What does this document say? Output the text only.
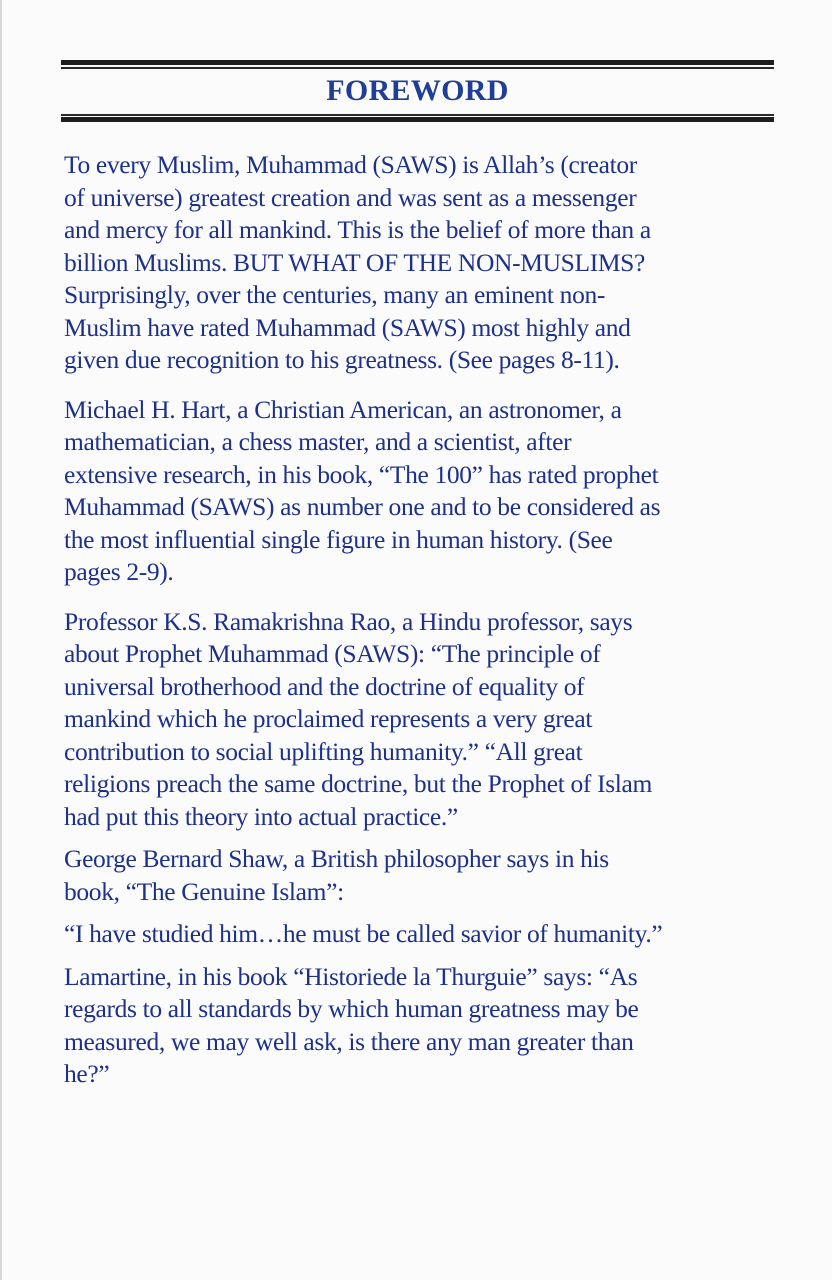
FOREWORD

To every Muslim, Muhammad (SAWS) is Allah’s (creator
of universe) greatest creation and was sent as a messenger
and mercy for all mankind. This is the belief of more than a
billion Muslims. BUT WHAT OF THE NON-MUSLIMS?
Surprisingly, over the centuries, many an eminent non-
Muslim have rated Muhammad (SAWS) most highly and
given due recognition to his greatness. (See pages 8-11).

Michael H. Hart, a Christian American, an astronomer, a
mathematician, a chess master, and a scientist, after
extensive research, in his book, “The 100” has rated prophet
Muhammad (SAWS) as number one and to be considered as
the most influential single figure in human history. (See
pages 2-9).

Professor K.S. Ramakrishna Rao, a Hindu professor, says
about Prophet Muhammad (SAWS): “The principle of
universal brotherhood and the doctrine of equality of
mankind which he proclaimed represents a very great
contribution to social uplifting humanity.” “All great
religions preach the same doctrine, but the Prophet of Islam
had put this theory into actual practice.”

George Bernard Shaw, a British philosopher says in his
book, “The Genuine Islam”:

“I have studied him…he must be called savior of humanity.”

Lamartine, in his book “Historiede la Thurguie” says: “As
regards to all standards by which human greatness may be
measured, we may well ask, is there any man greater than
he?”
